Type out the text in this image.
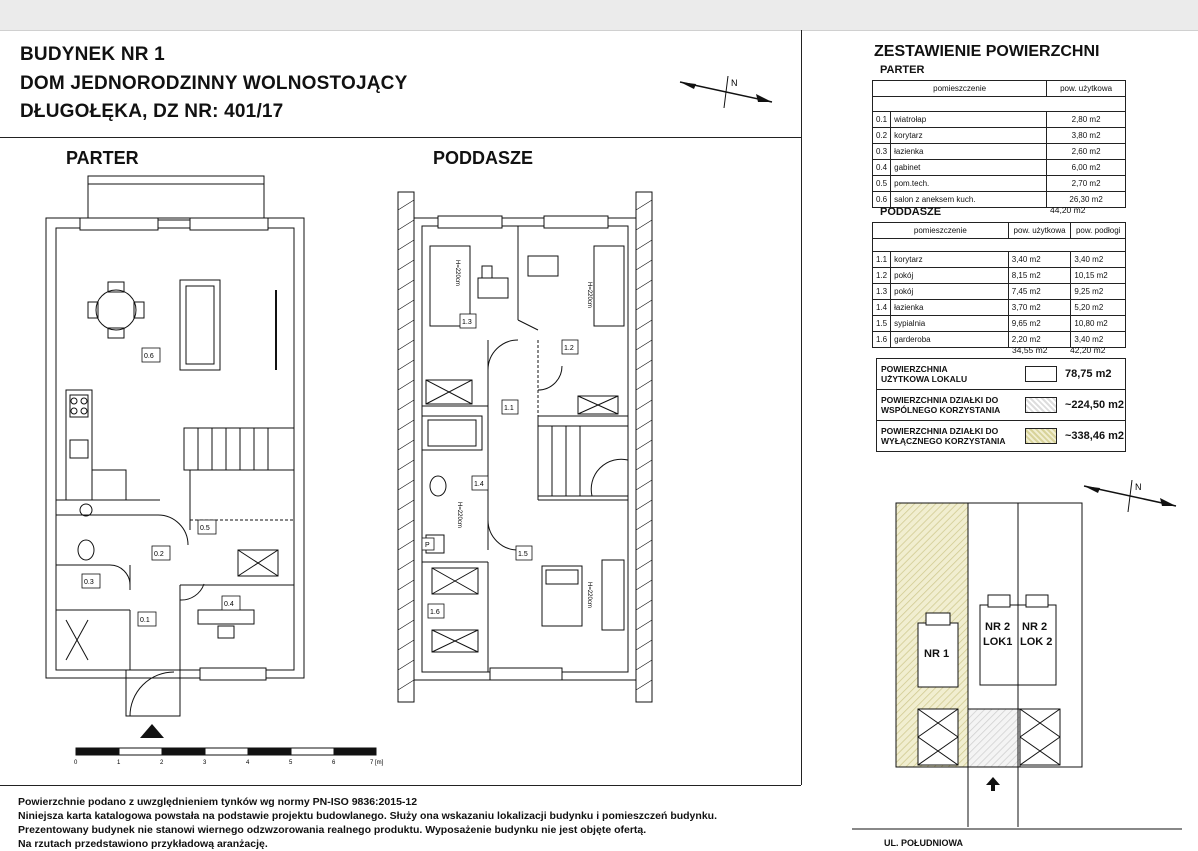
BUDYNEK NR 1
DOM JEDNORODZINNY WOLNOSTOJĄCY
DŁUGOŁĘKA, DZ NR: 401/17
N
PARTER	PODDASZE
0.6
0.5
0.2
0.3
0.1
0.4
1.3
1.2
1.1
1.4
1.5
1.6
P
H=220cm
H=220cm
H=220cm
H=220cm
0	1	2	3	4	5	6	7 [m]
Powierzchnie podano z uwzględnieniem tynków wg normy PN-ISO 9836:2015-12
Niniejsza karta katalogowa powstała na podstawie projektu budowlanego. Służy ona wskazaniu lokalizacji budynku i pomieszczeń budynku.
Prezentowany budynek nie stanowi wiernego odzwzorowania realnego produktu. Wyposażenie budynku nie jest objęte ofertą.
Na rzutach przedstawiono przykładową aranżację.
ZESTAWIENIE POWIERZCHNI
PARTER
pomieszczenie		pow. użytkowa

0.1	wiatrołap	2,80 m2
0.2	korytarz	3,80 m2
0.3	łazienka	2,60 m2
0.4	gabinet	6,00 m2
0.5	pom.tech.	2,70 m2
0.6	salon z aneksem kuch.	26,30 m2
44,20 m2
PODDASZE
pomieszczenie		pow. użytkowa	pow. podłogi

1.1	korytarz	3,40 m2	3,40 m2
1.2	pokój	8,15 m2	10,15 m2
1.3	pokój	7,45 m2	9,25 m2
1.4	łazienka	3,70 m2	5,20 m2
1.5	sypialnia	9,65 m2	10,80 m2
1.6	garderoba	2,20 m2	3,40 m2
34,55 m2	42,20 m2
POWIERZCHNIA
UŻYTKOWA LOKALU	78,75 m2
POWIERZCHNIA DZIAŁKI DO
WSPÓLNEGO KORZYSTANIA	~224,50 m2
POWIERZCHNIA DZIAŁKI DO
WYŁĄCZNEGO KORZYSTANIA	~338,46 m2
N
NR 1
NR 2
LOK1
NR 2
LOK 2
UL. POŁUDNIOWA
